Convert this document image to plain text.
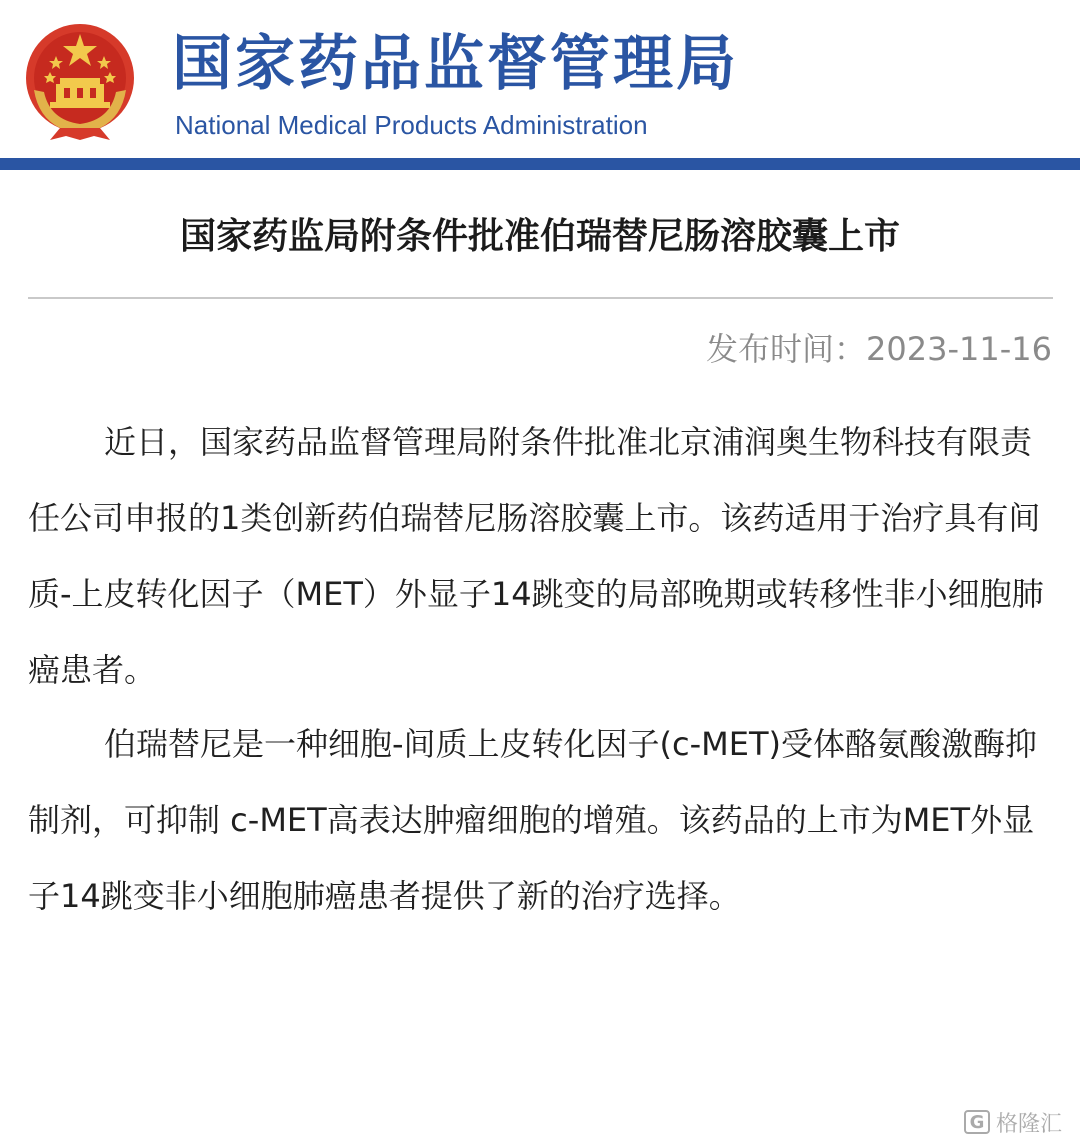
国家药品监督管理局
National Medical Products Administration
国家药监局附条件批准伯瑞替尼肠溶胶囊上市
发布时间：2023-11-16

近日，国家药品监督管理局附条件批准北京浦润奥生物科技有限责任公司申报的1类创新药伯瑞替尼肠溶胶囊上市。该药适用于治疗具有间质-上皮转化因子（MET）外显子14跳变的局部晚期或转移性非小细胞肺癌患者。

伯瑞替尼是一种细胞-间质上皮转化因子(c-MET)受体酪氨酸激酶抑制剂，可抑制 c-MET高表达肿瘤细胞的增殖。该药品的上市为MET外显子14跳变非小细胞肺癌患者提供了新的治疗选择。

G 格隆汇
